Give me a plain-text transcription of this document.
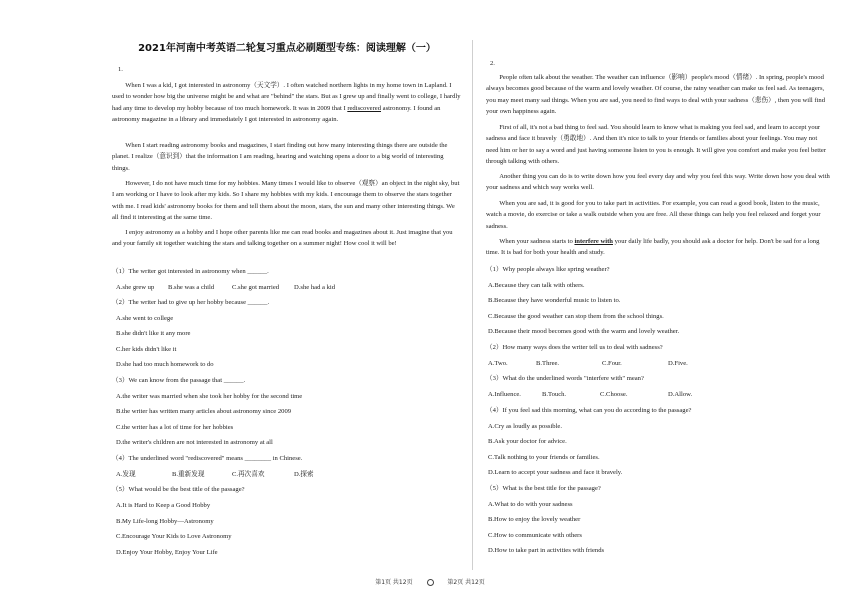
2021年河南中考英语二轮复习重点必刷题型专练：阅读理解（一）
1.

When I was a kid, I got interested in astronomy（天文学）. I often watched northern lights in my home town in Lapland. I used to wonder how big the universe might be and what are "behind" the stars. But as I grew up and finally went to college, I hardly had any time to develop my hobby because of too much homework. It was in 2009 that I rediscovered astronomy. I found an astronomy magazine in a library and immediately I got interested in astronomy again.

When I start reading astronomy books and magazines, I start finding out how many interesting things there are outside the planet. I realize（意识到）that the information I am reading, hearing and watching opens a door to a big world of interesting things.

However, I do not have much time for my hobbies. Many times I would like to observe（观察）an object in the night sky, but I am working or I have to look after my kids. So I share my hobbies with my kids. I encourage them to observe the stars together with me. I read kids' astronomy books for them and tell them about the moon, stars, the sun and many other interesting things. We all find it interesting at the same time.

I enjoy astronomy as a hobby and I hope other parents like me can read books and magazines about it. Just imagine that you and your family sit together watching the stars and talking together on a summer night! How cool it will be!

（1）The writer got interested in astronomy when ______.
A.she grew up B.she was a child	C.she got married D.she had a kid
（2）The writer had to give up her hobby because ______.
A.she went to college
B.she didn't like it any more
C.her kids didn't like it
D.she had too much homework to do
（3）We can know from the passage that ______.
A.the writer was married when she took her hobby for the second time
B.the writer has written many articles about astronomy since 2009
C.the writer has a lot of time for her hobbies
D.the writer's children are not interested in astronomy at all
（4）The underlined word "rediscovered" means ________ in Chinese.
A.发现	B.重新发现	C.再次喜欢	D.探索
（5）What would be the best title of the passage?
A.It is Hard to Keep a Good Hobby
B.My Life-long Hobby—Astronomy
C.Encourage Your Kids to Love Astronomy
D.Enjoy Your Hobby, Enjoy Your Life
2.

People often talk about the weather. The weather can influence（影响）people's mood（情绪）. In spring, people's mood always becomes good because of the warm and lovely weather. Of course, the rainy weather can make us feel sad. As teenagers, you may meet many sad things. When you are sad, you need to find ways to deal with your sadness（悲伤）, then you will find your own happiness again.

First of all, it's not a bad thing to feel sad. You should learn to know what is making you feel sad, and learn to accept your sadness and face it bravely（勇敢地）. And then it's nice to talk to your friends or families about your feelings. You may not need him or her to say a word and just having someone listen to you is enough. It will give you comfort and make you feel better through talking with others.

Another thing you can do is to write down how you feel every day and why you feel this way. Write down how you deal with your sadness and which way works well.

When you are sad, it is good for you to take part in activities. For example, you can read a good book, listen to the music, watch a movie, do exercise or take a walk outside when you are free. All these things can help you feel relaxed and forget your sadness.

When your sadness starts to interfere with your daily life badly, you should ask a doctor for help. Don't be sad for a long time. It is bad for both your health and study.

（1）Why people always like spring weather?
A.Because they can talk with others.
B.Because they have wonderful music to listen to.
C.Because the good weather can stop them from the school things.
D.Because their mood becomes good with the warm and lovely weather.
（2）How many ways does the writer tell us to deal with sadness?
A.Two.	B.Three.	C.Four.	D.Five.
（3）What do the underlined words "interfere with" mean?
A.Influence.	B.Touch.	C.Choose.	D.Allow.
（4）If you feel sad this morning, what can you do according to the passage?
A.Cry as loudly as possible.
B.Ask your doctor for advice.
C.Talk nothing to your friends or families.
D.Learn to accept your sadness and face it bravely.
（5）What is the best title for the passage?
A.What to do with your sadness
B.How to enjoy the lovely weather
C.How to communicate with others
D.How to take part in activities with friends
第1页 共12页	第2页 共12页
